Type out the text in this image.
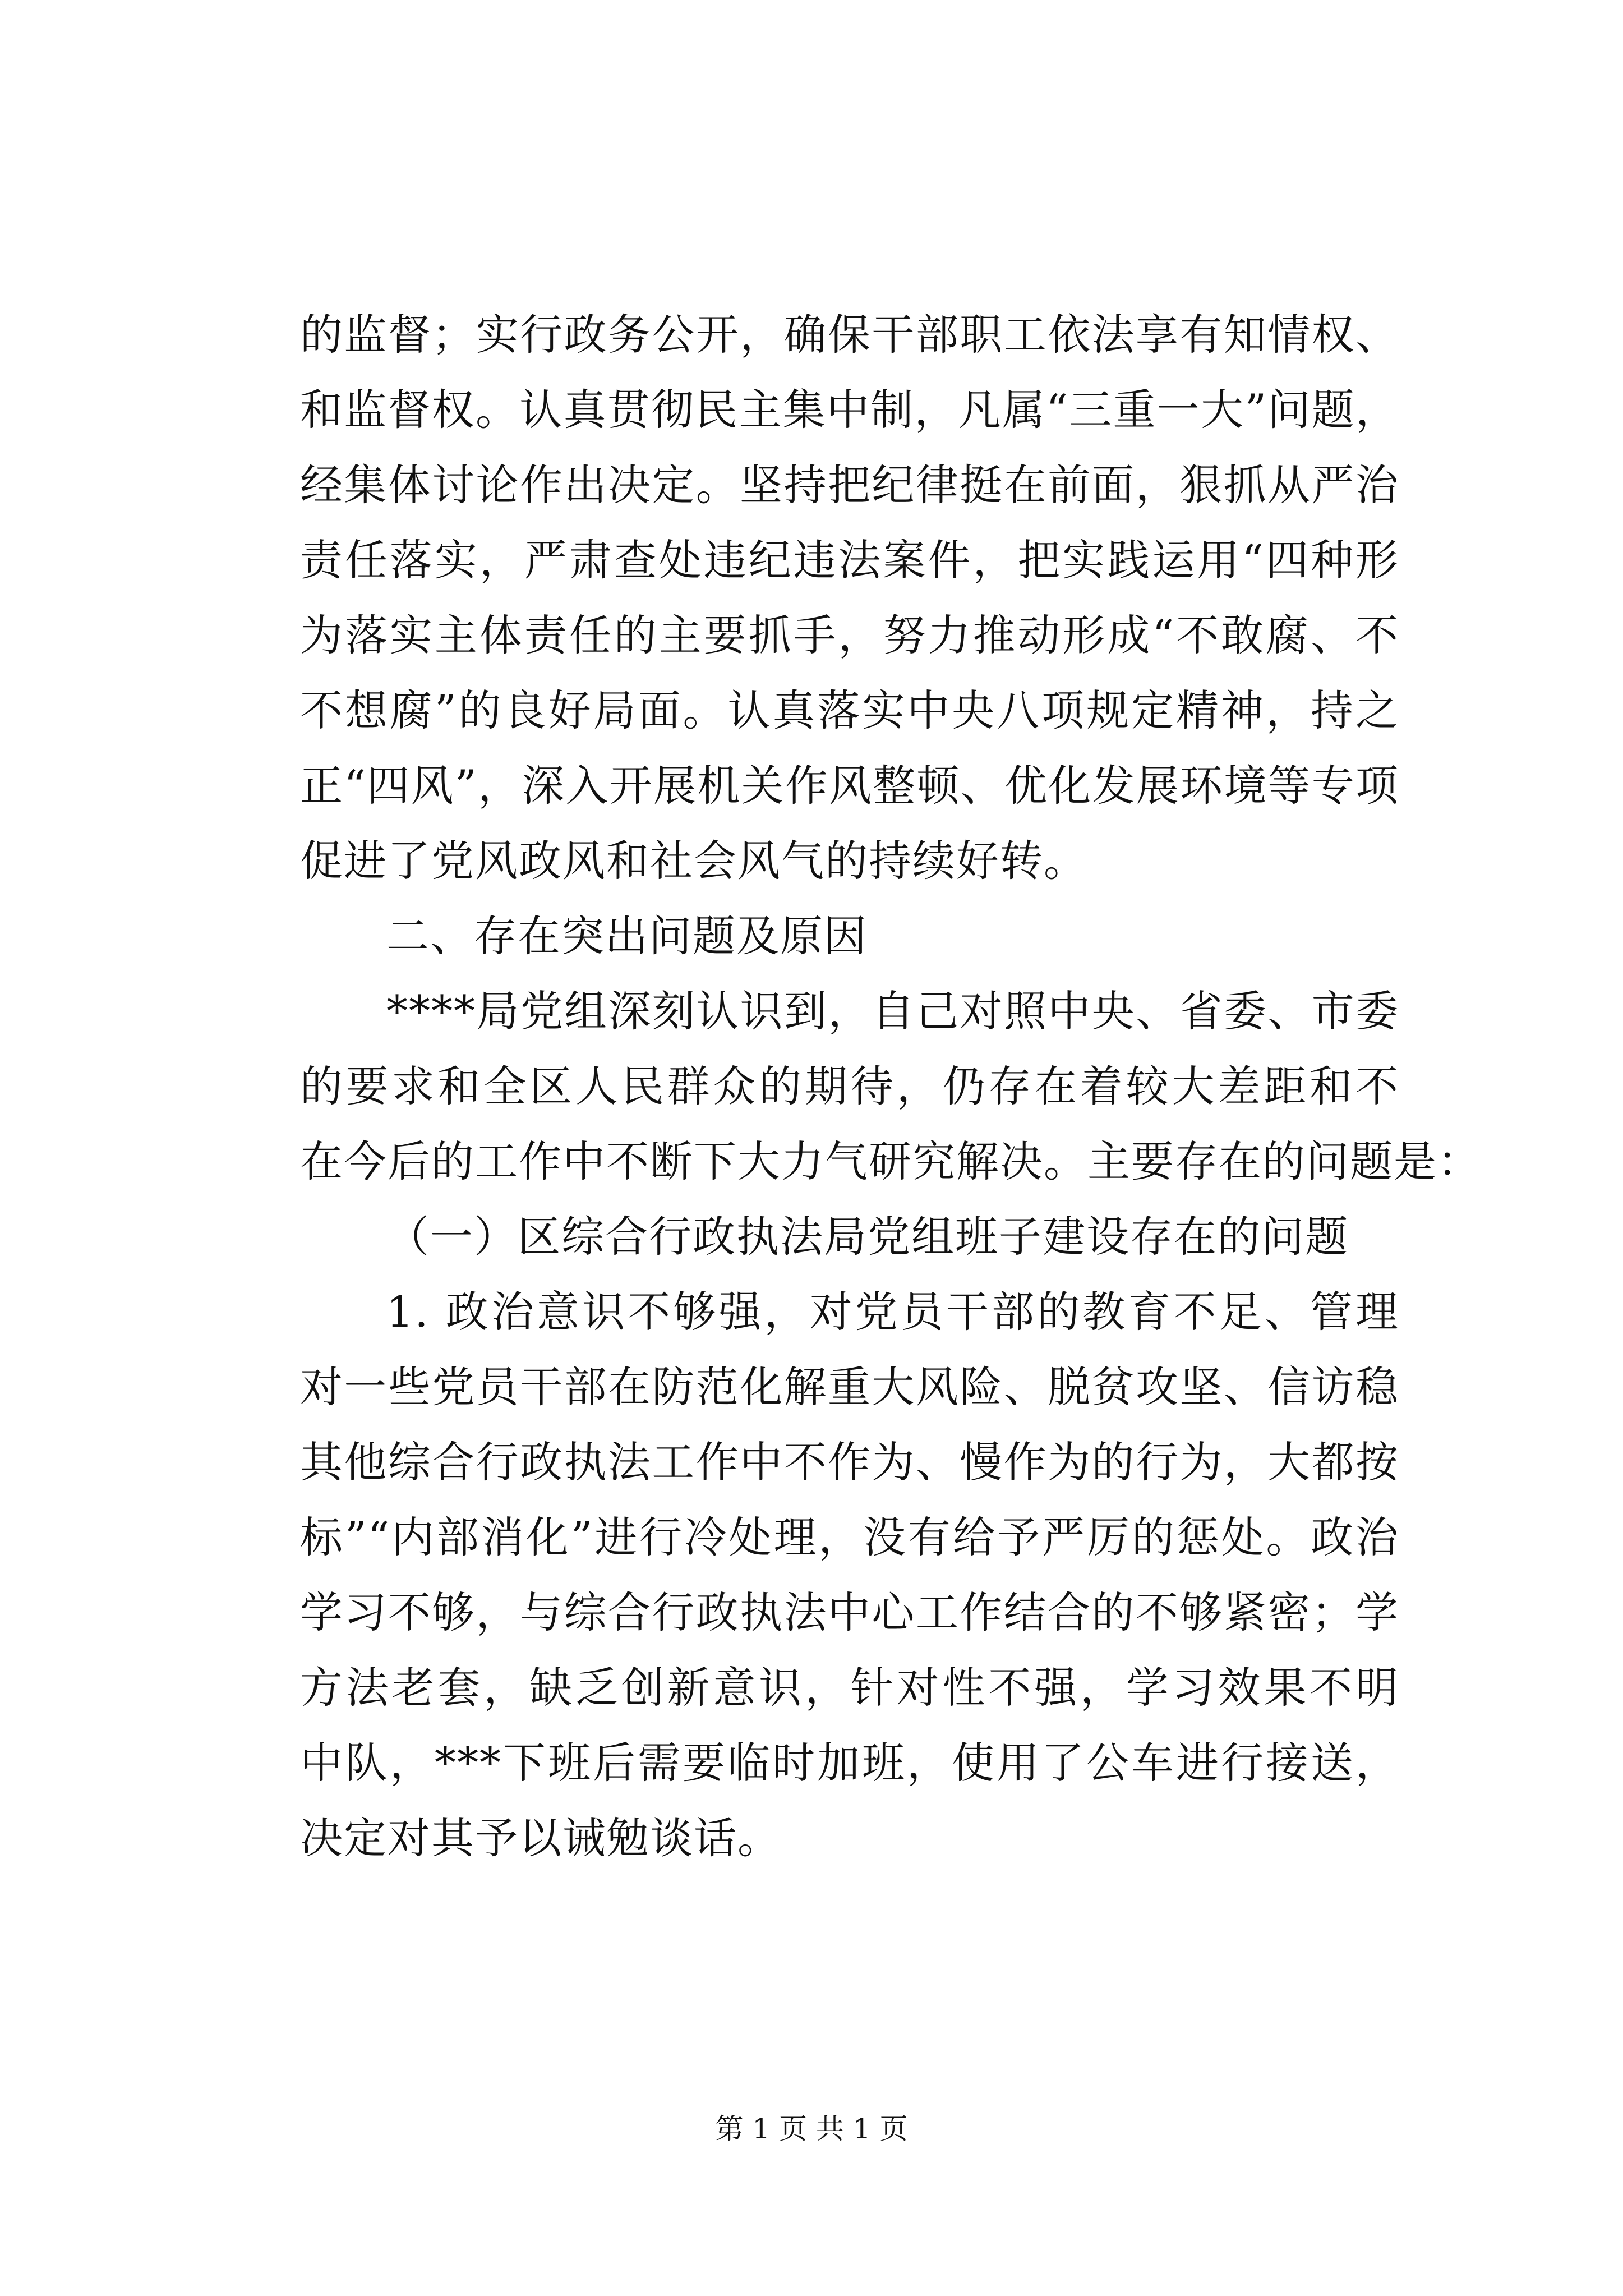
的监督；实行政务公开，确保干部职工依法享有知情权、
和监督权。认真贯彻民主集中制，凡属“三重一大”问题，
经集体讨论作出决定。坚持把纪律挺在前面，狠抓从严治
责任落实，严肃查处违纪违法案件，把实践运用“四种形
为落实主体责任的主要抓手，努力推动形成“不敢腐、不
不想腐”的良好局面。认真落实中央八项规定精神，持之
正“四风”，深入开展机关作风整顿、优化发展环境等专项
促进了党风政风和社会风气的持续好转。
二、存在突出问题及原因
****局党组深刻认识到，自己对照中央、省委、市委
的要求和全区人民群众的期待，仍存在着较大差距和不
在今后的工作中不断下大力气研究解决。主要存在的问题是：
（一）区综合行政执法局党组班子建设存在的问题
1. 政治意识不够强，对党员干部的教育不足、管理
对一些党员干部在防范化解重大风险、脱贫攻坚、信访稳
其他综合行政执法工作中不作为、慢作为的行为，大都按
标”“内部消化”进行冷处理，没有给予严厉的惩处。政治
学习不够，与综合行政执法中心工作结合的不够紧密；学
方法老套，缺乏创新意识，针对性不强，学习效果不明
中队，***下班后需要临时加班，使用了公车进行接送，
决定对其予以诫勉谈话。
第 1 页 共 1 页
